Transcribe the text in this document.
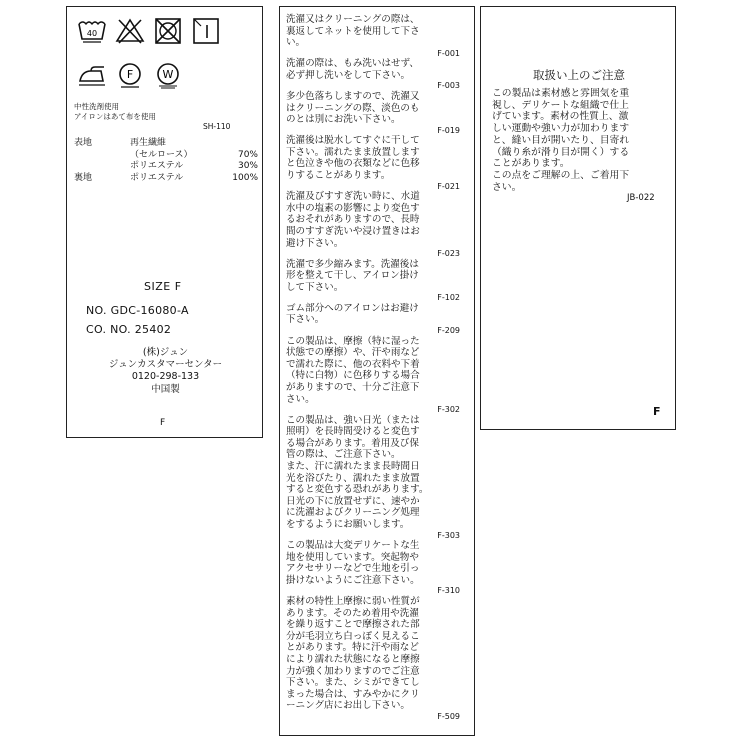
40
F	W
中性洗剤使用
アイロンはあて布を使用
SH-110
表地	再生繊維
（セルロース）	70%
ポリエステル	30%
裏地	ポリエステル	100%
SIZE F
NO. GDC-16080-A
CO. NO. 25402
(株)ジュン
ジュンカスタマーセンター
0120-298-133
中国製
F
洗濯又はクリーニングの際は、
裏返してネットを使用して下さ
い。
F-001
洗濯の際は、もみ洗いはせず、
必ず押し洗いをして下さい。
F-003
多少色落ちしますので、洗濯又
はクリーニングの際、淡色のも
のとは別にお洗い下さい。
F-019
洗濯後は脱水してすぐに干して
下さい。濡れたまま放置します
と色泣きや他の衣類などに色移
りすることがあります。
F-021
洗濯及びすすぎ洗い時に、水道
水中の塩素の影響により変色す
るおそれがありますので、長時
間のすすぎ洗いや浸け置きはお
避け下さい。
F-023
洗濯で多少縮みます。洗濯後は
形を整えて干し、アイロン掛け
して下さい。
F-102
ゴム部分へのアイロンはお避け
下さい。
F-209
この製品は、摩擦（特に湿った
状態での摩擦）や、汗や雨など
で濡れた際に、他の衣料や下着
（特に白物）に色移りする場合
がありますので、十分ご注意下
さい。
F-302
この製品は、強い日光（または
照明）を長時間受けると変色す
る場合があります。着用及び保
管の際は、ご注意下さい。
また、汗に濡れたまま長時間日
光を浴びたり、濡れたまま放置
すると変色する恐れがあります。
日光の下に放置せずに、速やか
に洗濯およびクリーニング処理
をするようにお願いします。
F-303
この製品は大変デリケートな生
地を使用しています。突起物や
アクセサリーなどで生地を引っ
掛けないようにご注意下さい。
F-310
素材の特性上摩擦に弱い性質が
あります。そのため着用や洗濯
を繰り返すことで摩擦された部
分が毛羽立ち白っぽく見えるこ
とがあります。特に汗や雨など
により濡れた状態になると摩擦
力が強く加わりますのでご注意
下さい。また、シミができてし
まった場合は、すみやかにクリ
ーニング店にお出し下さい。
F-509
取扱い上のご注意
この製品は素材感と雰囲気を重
視し、デリケートな組織で仕上
げています。素材の性質上、激
しい運動や強い力が加わります
と、縫い目が開いたり、目寄れ
（織り糸が滑り目が開く）する
ことがあります。
この点をご理解の上、ご着用下
さい。
JB-022
F
